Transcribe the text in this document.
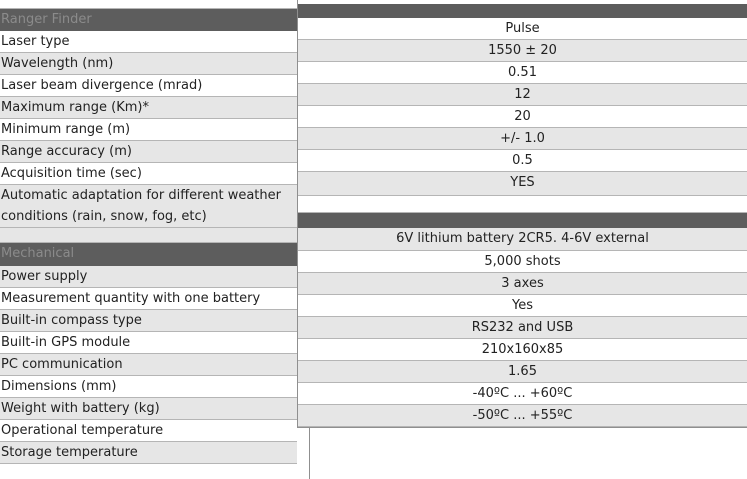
Ranger Finder
Laser type
Wavelength (nm)
Laser beam divergence (mrad)
Maximum range (Km)*
Minimum range (m)
Range accuracy (m)
Acquisition time (sec)
Automatic adaptation for different weather conditions (rain, snow, fog, etc)
Mechanical
Power supply
Measurement quantity with one battery
Built-in compass type
Built-in GPS module
PC communication
Dimensions (mm)
Weight with battery (kg)
Operational temperature
Storage temperature
Pulse
1550 ± 20
0.51
12
20
+/- 1.0
0.5
YES
6V lithium battery 2CR5. 4-6V external
5,000 shots
3 axes
Yes
RS232 and USB
210x160x85
1.65
-40ºC ... +60ºC
-50ºC ... +55ºC
